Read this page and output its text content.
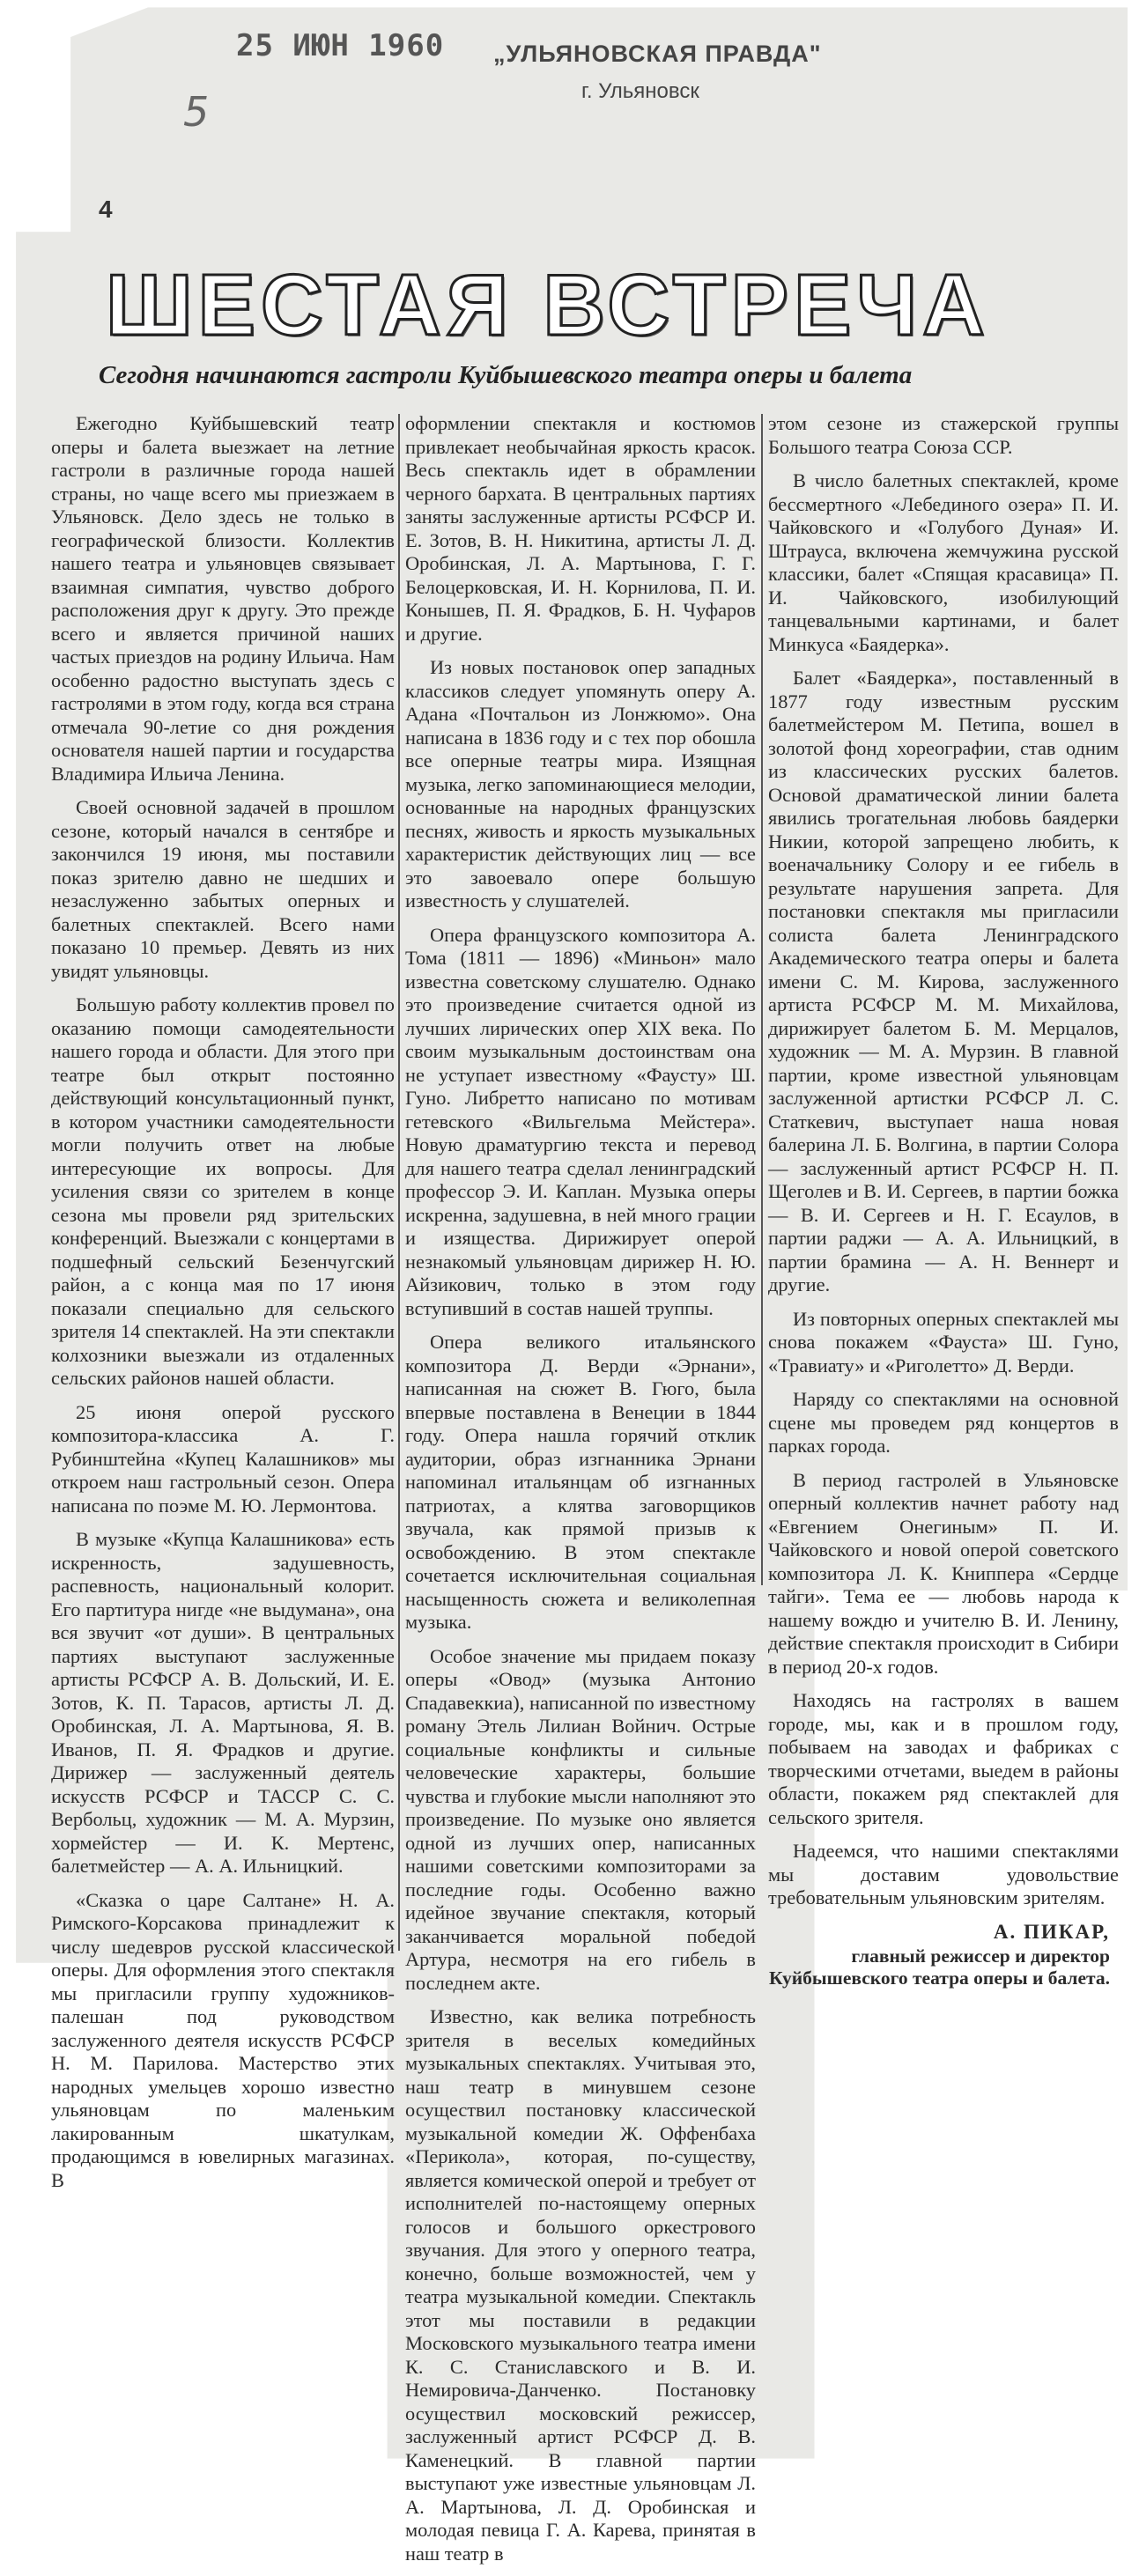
25 ИЮН 1960 „УЛЬЯНОВСКАЯ ПРАВДА"
г. Ульяновск
5
4
ШЕСТАЯ ВСТРЕЧА
Сегодня начинаются гастроли Куйбышевского театра оперы и балета

Ежегодно Куйбышевский театр оперы и балета выезжает на летние гастроли в различные города нашей страны, но чаще всего мы приезжаем в Ульяновск. Дело здесь не только в географической близости. Коллектив нашего театра и ульяновцев связывает взаимная симпатия, чувство доброго расположения друг к другу. Это прежде всего и является причиной наших частых приездов на родину Ильича. Нам особенно радостно выступать здесь с гастролями в этом году, когда вся страна отмечала 90-летие со дня рождения основателя нашей партии и государства Владимира Ильича Ленина.

Своей основной задачей в прошлом сезоне, который начался в сентябре и закончился 19 июня, мы поставили показ зрителю давно не шедших и незаслуженно забытых оперных и балетных спектаклей. Всего нами показано 10 премьер. Девять из них увидят ульяновцы.

Большую работу коллектив провел по оказанию помощи самодеятельности нашего города и области. Для этого при театре был открыт постоянно действующий консультационный пункт, в котором участники самодеятельности могли получить ответ на любые интересующие их вопросы. Для усиления связи со зрителем в конце сезона мы провели ряд зрительских конференций. Выезжали с концертами в подшефный сельский Безенчугский район, а с конца мая по 17 июня показали специально для сельского зрителя 14 спектаклей. На эти спектакли колхозники выезжали из отдаленных сельских районов нашей области.

25 июня оперой русского композитора-классика А. Г. Рубинштейна «Купец Калашников» мы откроем наш гастрольный сезон. Опера написана по поэме М. Ю. Лермонтова.

В музыке «Купца Калашникова» есть искренность, задушевность, распевность, национальный колорит. Его партитура нигде «не выдумана», она вся звучит «от души». В центральных партиях выступают заслуженные артисты РСФСР А. В. Дольский, И. Е. Зотов, К. П. Тарасов, артисты Л. Д. Оробинская, Л. А. Мартынова, Я. В. Иванов, П. Я. Фрадков и другие. Дирижер — заслуженный деятель искусств РСФСР и ТАССР С. С. Вербольц, художник — М. А. Мурзин, хормейстер — И. К. Мертенс, балетмейстер — А. А. Ильницкий.

«Сказка о царе Салтане» Н. А. Римского-Корсакова принадлежит к числу шедевров русской классической оперы. Для оформления этого спектакля мы пригласили группу художников-палешан под руководством заслуженного деятеля искусств РСФСР Н. М. Парилова. Мастерство этих народных умельцев хорошо известно ульяновцам по маленьким лакированным шкатулкам, продающимся в ювелирных магазинах. В

оформлении спектакля и костюмов привлекает необычайная яркость красок. Весь спектакль идет в обрамлении черного бархата. В центральных партиях заняты заслуженные артисты РСФСР И. Е. Зотов, В. Н. Никитина, артисты Л. Д. Оробинская, Л. А. Мартынова, Г. Г. Белоцерковская, И. Н. Корнилова, П. И. Конышев, П. Я. Фрадков, Б. Н. Чуфаров и другие.

Из новых постановок опер западных классиков следует упомянуть оперу А. Адана «Почтальон из Лонжюмо». Она написана в 1836 году и с тех пор обошла все оперные театры мира. Изящная музыка, легко запоминающиеся мелодии, основанные на народных французских песнях, живость и яркость музыкальных характеристик действующих лиц — все это завоевало опере большую известность у слушателей.

Опера французского композитора А. Тома (1811 — 1896) «Миньон» мало известна советскому слушателю. Однако это произведение считается одной из лучших лирических опер XIX века. По своим музыкальным достоинствам она не уступает известному «Фаусту» Ш. Гуно. Либретто написано по мотивам гетевского «Вильгельма Мейстера». Новую драматургию текста и перевод для нашего театра сделал ленинградский профессор Э. И. Каплан. Музыка оперы искренна, задушевна, в ней много грации и изящества. Дирижирует оперой незнакомый ульяновцам дирижер Н. Ю. Айзикович, только в этом году вступивший в состав нашей труппы.

Опера великого итальянского композитора Д. Верди «Эрнани», написанная на сюжет В. Гюго, была впервые поставлена в Венеции в 1844 году. Опера нашла горячий отклик аудитории, образ изгнанника Эрнани напоминал итальянцам об изгнанных патриотах, а клятва заговорщиков звучала, как прямой призыв к освобождению. В этом спектакле сочетается исключительная социальная насыщенность сюжета и великолепная музыка.

Особое значение мы придаем показу оперы «Овод» (музыка Антонио Спадавеккиа), написанной по известному роману Этель Лилиан Войнич. Острые социальные конфликты и сильные человеческие характеры, большие чувства и глубокие мысли наполняют это произведение. По музыке оно является одной из лучших опер, написанных нашими советскими композиторами за последние годы. Особенно важно идейное звучание спектакля, который заканчивается моральной победой Артура, несмотря на его гибель в последнем акте.

Известно, как велика потребность зрителя в веселых комедийных музыкальных спектаклях. Учитывая это, наш театр в минувшем сезоне осуществил постановку классической музыкальной комедии Ж. Оффенбаха «Перикола», которая, по-существу, является комической оперой и требует от исполнителей по-настоящему оперных голосов и большого оркестрового звучания. Для этого у оперного театра, конечно, больше возможностей, чем у театра музыкальной комедии. Спектакль этот мы поставили в редакции Московского музыкального театра имени К. С. Станиславского и В. И. Немировича-Данченко. Постановку осуществил московский режиссер, заслуженный артист РСФСР Д. В. Каменецкий. В главной партии выступают уже известные ульяновцам Л. А. Мартынова, Л. Д. Оробинская и молодая певица Г. А. Карева, принятая в наш театр в

этом сезоне из стажерской группы Большого театра Союза ССР.

В число балетных спектаклей, кроме бессмертного «Лебединого озера» П. И. Чайковского и «Голубого Дуная» И. Штрауса, включена жемчужина русской классики, балет «Спящая красавица» П. И. Чайковского, изобилующий танцевальными картинами, и балет Минкуса «Баядерка».

Балет «Баядерка», поставленный в 1877 году известным русским балетмейстером М. Петипа, вошел в золотой фонд хореографии, став одним из классических русских балетов. Основой драматической линии балета явились трогательная любовь баядерки Никии, которой запрещено любить, к военачальнику Солору и ее гибель в результате нарушения запрета. Для постановки спектакля мы пригласили солиста балета Ленинградского Академического театра оперы и балета имени С. М. Кирова, заслуженного артиста РСФСР М. М. Михайлова, дирижирует балетом Б. М. Мерцалов, художник — М. А. Мурзин. В главной партии, кроме известной ульяновцам заслуженной артистки РСФСР Л. С. Статкевич, выступает наша новая балерина Л. Б. Волгина, в партии Солора — заслуженный артист РСФСР Н. П. Щеголев и В. И. Сергеев, в партии божка — В. И. Сергеев и Н. Г. Есаулов, в партии раджи — А. А. Ильницкий, в партии брамина — А. Н. Веннерт и другие.

Из повторных оперных спектаклей мы снова покажем «Фауста» Ш. Гуно, «Травиату» и «Риголетто» Д. Верди.

Наряду со спектаклями на основной сцене мы проведем ряд концертов в парках города.

В период гастролей в Ульяновске оперный коллектив начнет работу над «Евгением Онегиным» П. И. Чайковского и новой оперой советского композитора Л. К. Книппера «Сердце тайги». Тема ее — любовь народа к нашему вождю и учителю В. И. Ленину, действие спектакля происходит в Сибири в период 20-х годов.

Находясь на гастролях в вашем городе, мы, как и в прошлом году, побываем на заводах и фабриках с творческими отчетами, выедем в районы области, покажем ряд спектаклей для сельского зрителя.

Надеемся, что нашими спектаклями мы доставим удовольствие требовательным ульяновским зрителям.

А. ПИКАР,
главный режиссер и директор Куйбышевского театра оперы и балета.
